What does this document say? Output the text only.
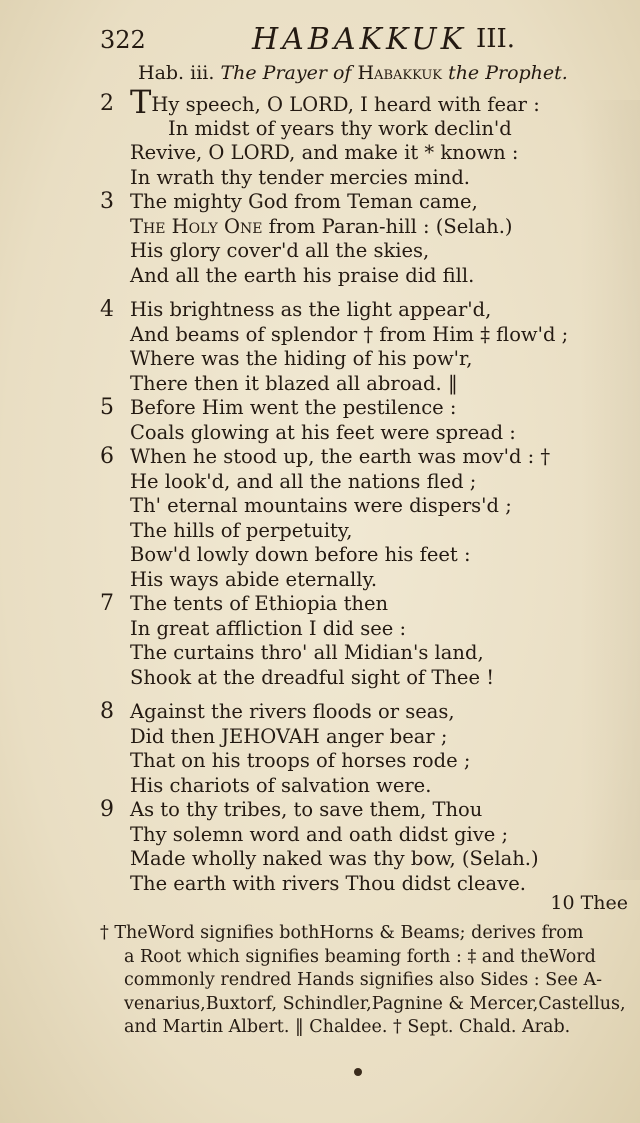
322	HABAKKUK III.
Hab. iii. The Prayer of Habakkuk the Prophet.
2 THy speech, O LORD, I heard with fear :
In midst of years thy work declin'd
Revive, O LORD, and make it * known :
In wrath thy tender mercies mind.
3 The mighty God from Teman came,
The Holy One from Paran-hill : (Selah.)
His glory cover'd all the skies,
And all the earth his praise did fill.
4 His brightness as the light appear'd,
And beams of splendor † from Him ‡ flow'd ;
Where was the hiding of his pow'r,
There then it blazed all abroad. ‖
5 Before Him went the pestilence :
Coals glowing at his feet were spread :
6 When he stood up, the earth was mov'd : †
He look'd, and all the nations fled ;
Th' eternal mountains were dispers'd ;
The hills of perpetuity,
Bow'd lowly down before his feet :
His ways abide eternally.
7 The tents of Ethiopia then
In great affliction I did see :
The curtains thro' all Midian's land,
Shook at the dreadful sight of Thee !
8 Against the rivers floods or seas,
Did then JEHOVAH anger bear ;
That on his troops of horses rode ;
His chariots of salvation were.
9 As to thy tribes, to save them, Thou
Thy solemn word and oath didst give ;
Made wholly naked was thy bow, (Selah.)
The earth with rivers Thou didst cleave.
10 Thee
† TheWord signifies bothHorns & Beams; derives from
a Root which signifies beaming forth : ‡ and theWord
commonly rendred Hands signifies also Sides : See A-
venarius,Buxtorf, Schindler,Pagnine & Mercer,Castellus,
and Martin Albert. ‖ Chaldee. † Sept. Chald. Arab.
